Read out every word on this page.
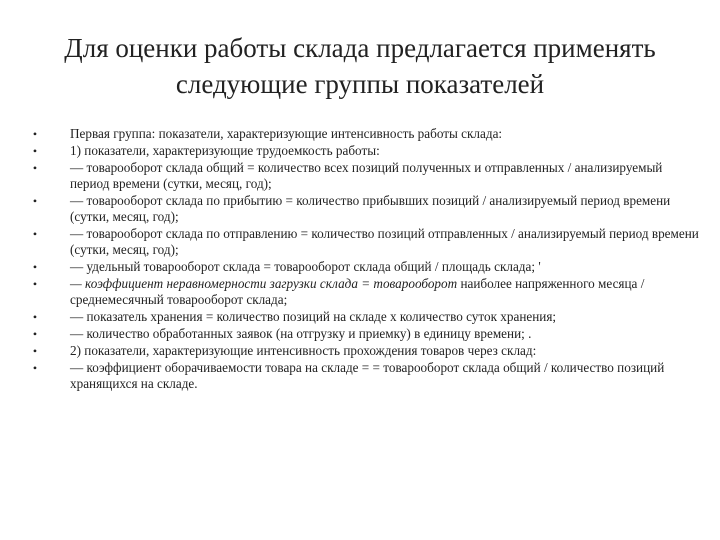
Для оценки работы склада предлагается применять следующие группы показателей
• Первая группа: показатели, характеризующие интенсивность работы склада:
• 1) показатели, характеризующие трудоемкость работы:
• — товарооборот склада общий = количество всех позиций полученных и отправленных / анализируемый период времени (сутки, месяц, год);
• — товарооборот склада по прибытию = количество прибывших позиций / анализируемый период времени (сутки, месяц, год);
• — товарооборот склада по отправлению = количество позиций отправленных / анализируемый период времени (сутки, месяц, год);
• — удельный товарооборот склада = товарооборот склада общий / площадь склада; '
• — коэффициент неравномерности загрузки склада = товарооборот наиболее напряженного месяца / среднемесячный товарооборот склада;
• — показатель хранения = количество позиций на складе х количество суток хранения;
• — количество обработанных заявок (на отгрузку и приемку) в единицу времени; .
• 2) показатели, характеризующие интенсивность прохождения товаров через склад:
• — коэффициент оборачиваемости товара на складе = = товарооборот склада общий / количество позиций хранящихся на складе.
